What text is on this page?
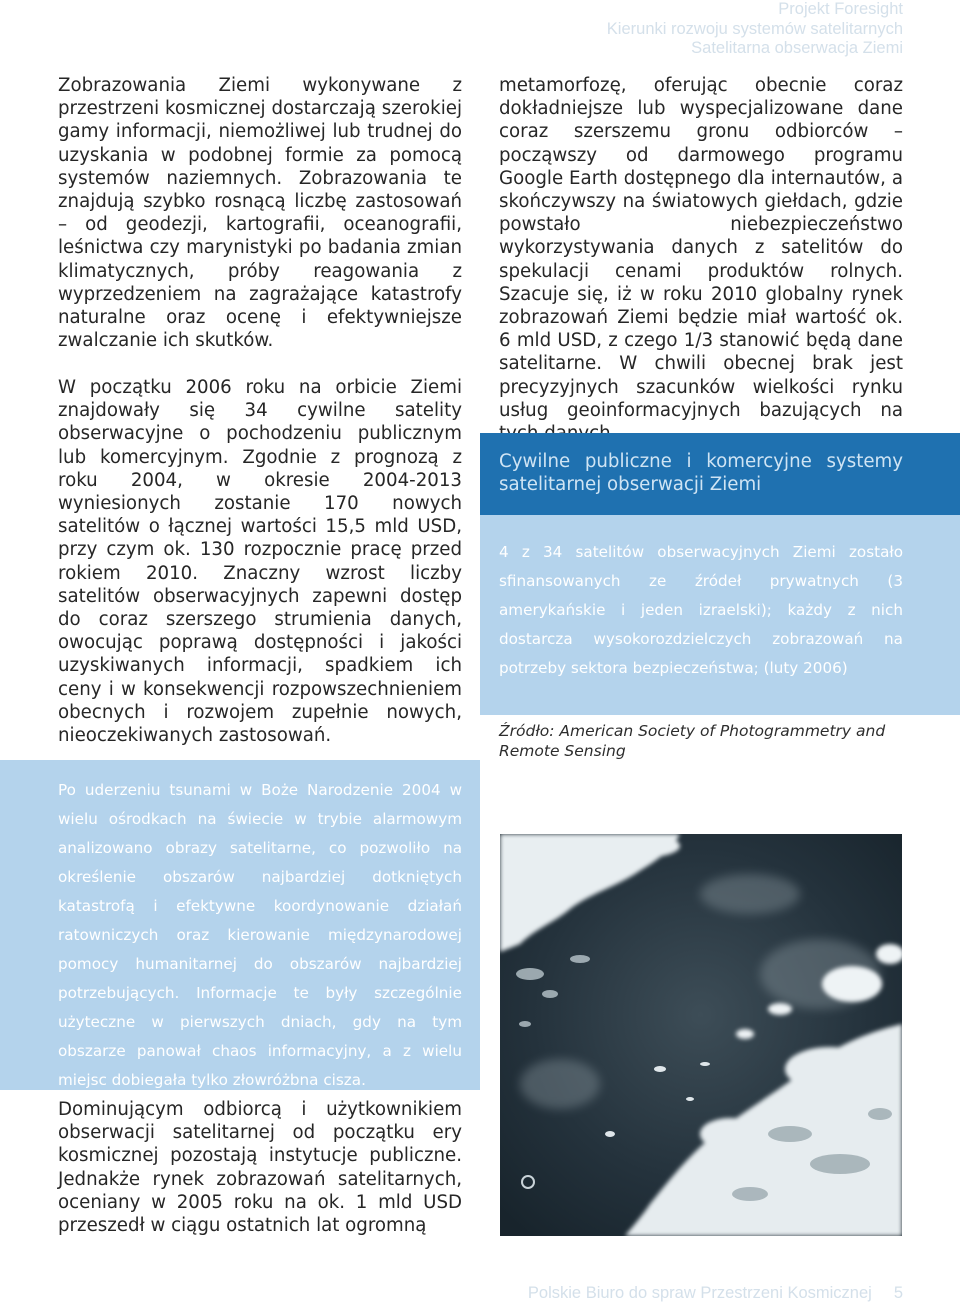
Projekt Foresight
Kierunki rozwoju systemów satelitarnych
Satelitarna obserwacja Ziemi
Zobrazowania Ziemi wykonywane z przestrzeni kosmicznej dostarczają szerokiej gamy informacji, niemożliwej lub trudnej do uzyskania w podobnej formie za pomocą systemów naziemnych. Zobrazowania te znajdują szybko rosnącą liczbę zastosowań – od geodezji, kartografii, oceanografii, leśnictwa czy marynistyki po badania zmian klimatycznych, próby reagowania z wyprzedzeniem na zagrażające katastrofy naturalne oraz ocenę i efektywniejsze zwalczanie ich skutków.
W początku 2006 roku na orbicie Ziemi znajdowały się 34 cywilne satelity obserwacyjne o pochodzeniu publicznym lub komercyjnym. Zgodnie z prognozą z roku 2004, w okresie 2004-2013 wyniesionych zostanie 170 nowych satelitów o łącznej wartości 15,5 mld USD, przy czym ok. 130 rozpocznie pracę przed rokiem 2010. Znaczny wzrost liczby satelitów obserwacyjnych zapewni dostęp do coraz szerszego strumienia danych, owocując poprawą dostępności i jakości uzyskiwanych informacji, spadkiem ich ceny i w konsekwencji rozpowszechnieniem obecnych i rozwojem zupełnie nowych, nieoczekiwanych zastosowań.
Po uderzeniu tsunami w Boże Narodzenie 2004 w wielu ośrodkach na świecie w trybie alarmowym analizowano obrazy satelitarne, co pozwoliło na określenie obszarów najbardziej dotkniętych katastrofą i efektywne koordynowanie działań ratowniczych oraz kierowanie międzynarodowej pomocy humanitarnej do obszarów najbardziej potrzebujących. Informacje te były szczególnie użyteczne w pierwszych dniach, gdy na tym obszarze panował chaos informacyjny, a z wielu miejsc dobiegała tylko złowróżbna cisza.
Dominującym odbiorcą i użytkownikiem obserwacji satelitarnej od początku ery kosmicznej pozostają instytucje publiczne. Jednakże rynek zobrazowań satelitarnych, oceniany w 2005 roku na ok. 1 mld USD przeszedł w ciągu ostatnich lat ogromną
metamorfozę, oferując obecnie coraz dokładniejsze lub wyspecjalizowane dane coraz szerszemu gronu odbiorców – począwszy od darmowego programu Google Earth dostępnego dla internautów, a skończywszy na światowych giełdach, gdzie powstało niebezpieczeństwo wykorzystywania danych z satelitów do spekulacji cenami produktów rolnych. Szacuje się, iż w roku 2010 globalny rynek zobrazowań Ziemi będzie miał wartość ok. 6 mld USD, z czego 1/3 stanowić będą dane satelitarne. W chwili obecnej brak jest precyzyjnych szacunków wielkości rynku usług geoinformacyjnych bazujących na
Cywilne publiczne i komercyjne systemy satelitarnej obserwacji Ziemi
4 z 34 satelitów obserwacyjnych Ziemi zostało sfinansowanych ze źródeł prywatnych (3 amerykańskie i jeden izraelski); każdy z nich dostarcza wysokorozdzielczych zobrazowań na potrzeby sektora bezpieczeństwa; (luty 2006)
Źródło: American Society of Photogrammetry and Remote Sensing
Polskie Biuro do spraw Przestrzeni Kosmicznej 5
